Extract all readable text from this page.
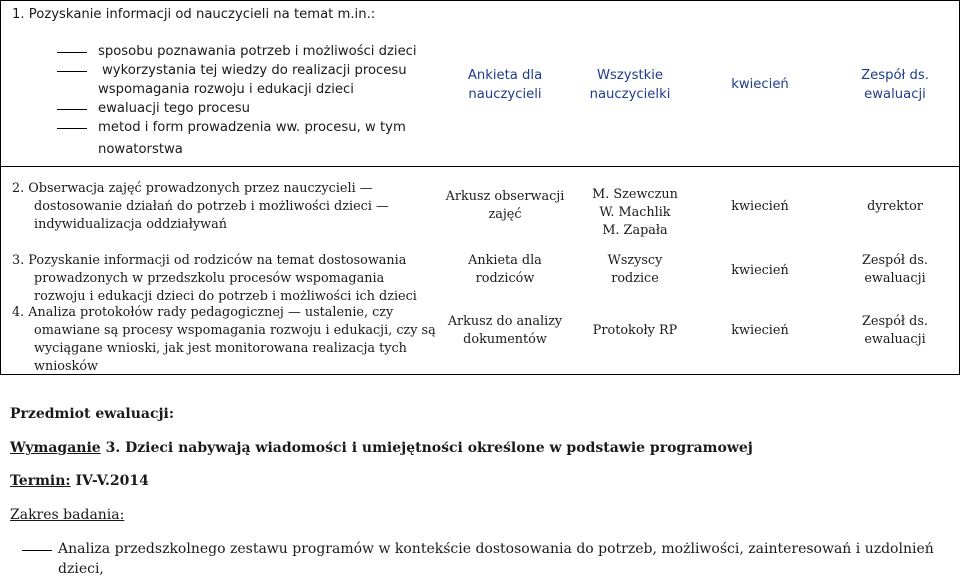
1. Pozyskanie informacji od nauczycieli na temat m.in.:
sposobu poznawania potrzeb i możliwości dzieci
wykorzystania tej wiedzy do realizacji procesu
wspomagania rozwoju i edukacji dzieci
ewaluacji tego procesu
metod i form prowadzenia ww. procesu, w tym
nowatorstwa
Ankieta dla
nauczycieli
Wszystkie
nauczycielki
kwiecień
Zespół ds.
ewaluacji
2. Obserwacja zajęć prowadzonych przez nauczycieli —
dostosowanie działań do potrzeb i możliwości dzieci —
indywidualizacja oddziaływań
Arkusz obserwacji
zajęć
M. Szewczun
W. Machlik
M. Zapała
kwiecień	dyrektor
3. Pozyskanie informacji od rodziców na temat dostosowania
prowadzonych w przedszkolu procesów wspomagania
rozwoju i edukacji dzieci do potrzeb i możliwości ich dzieci
Ankieta dla
rodziców
Wszyscy
rodzice
kwiecień
Zespół ds.
ewaluacji
4. Analiza protokołów rady pedagogicznej — ustalenie, czy
omawiane są procesy wspomagania rozwoju i edukacji, czy są
wyciągane wnioski, jak jest monitorowana realizacja tych
wniosków
Arkusz do analizy
dokumentów
Protokoły RP	kwiecień
Zespół ds.
ewaluacji
Przedmiot ewaluacji:
Wymaganie 3. Dzieci nabywają wiadomości i umiejętności określone w podstawie programowej
Termin: IV-V.2014
Zakres badania:
Analiza przedszkolnego zestawu programów w kontekście dostosowania do potrzeb, możliwości, zainteresowań i uzdolnień
dzieci,
